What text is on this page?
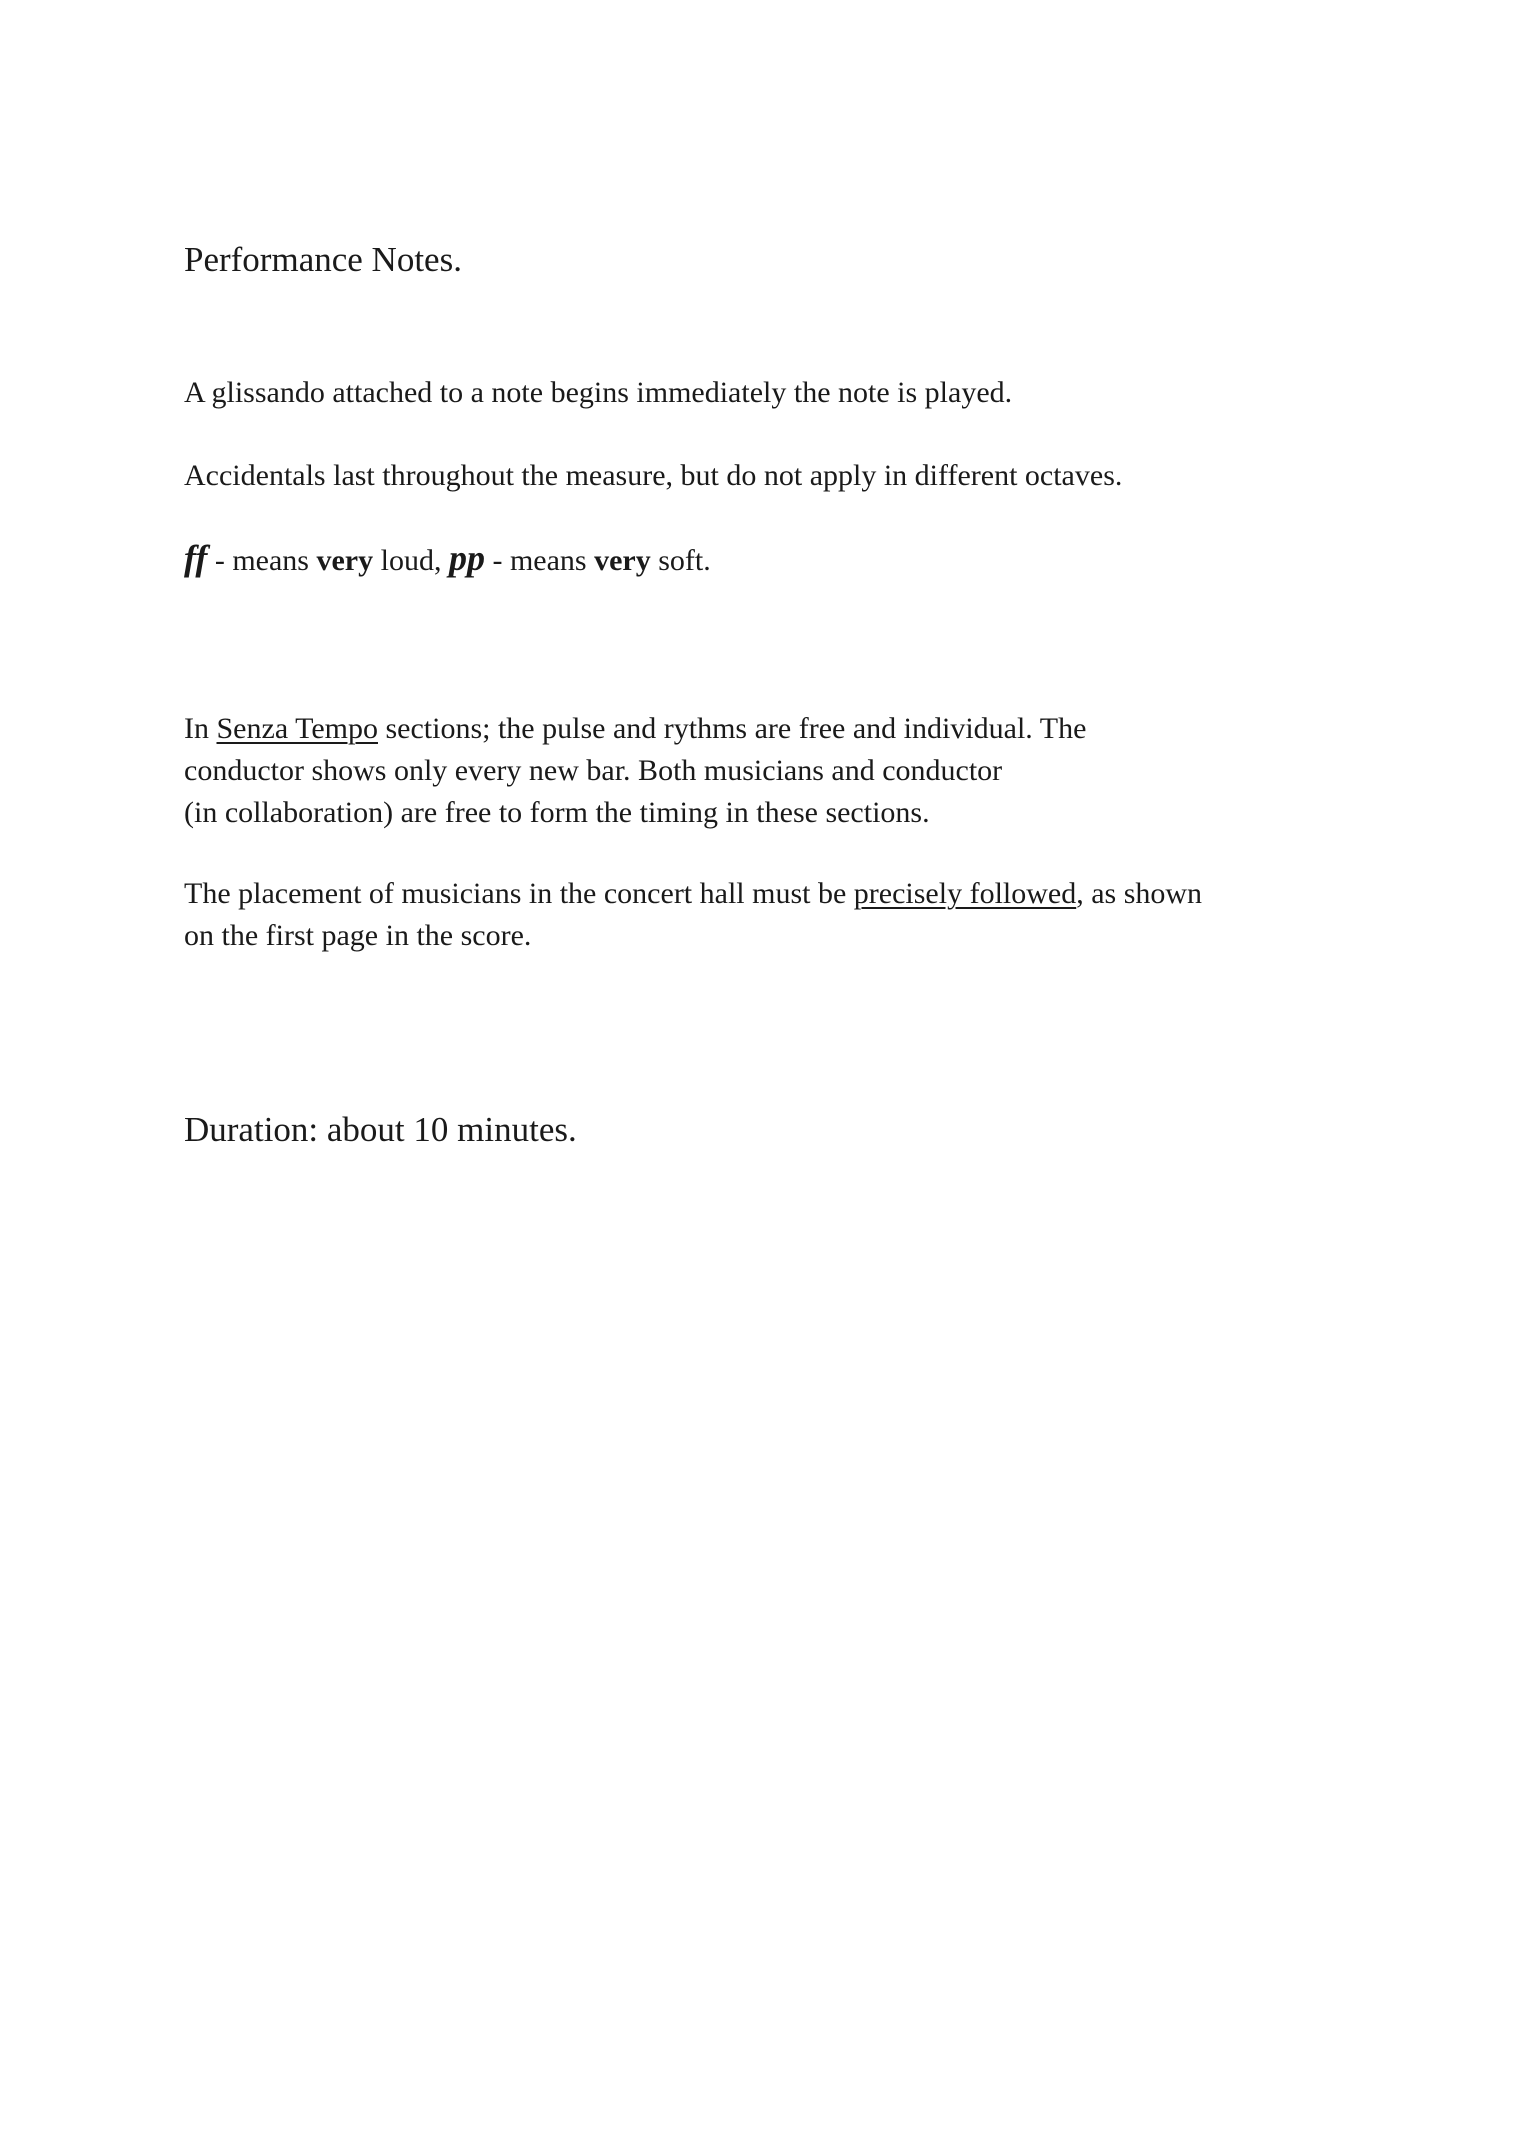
Performance Notes.

A glissando attached to a note begins immediately the note is played.

Accidentals last throughout the measure, but do not apply in different octaves.

ff - means very loud, pp - means very soft.

In Senza Tempo sections; the pulse and rythms are free and individual. The
conductor shows only every new bar. Both musicians and conductor
(in collaboration) are free to form the timing in these sections.
The placement of musicians in the concert hall must be precisely followed, as shown
on the first page in the score.

Duration: about 10 minutes.
